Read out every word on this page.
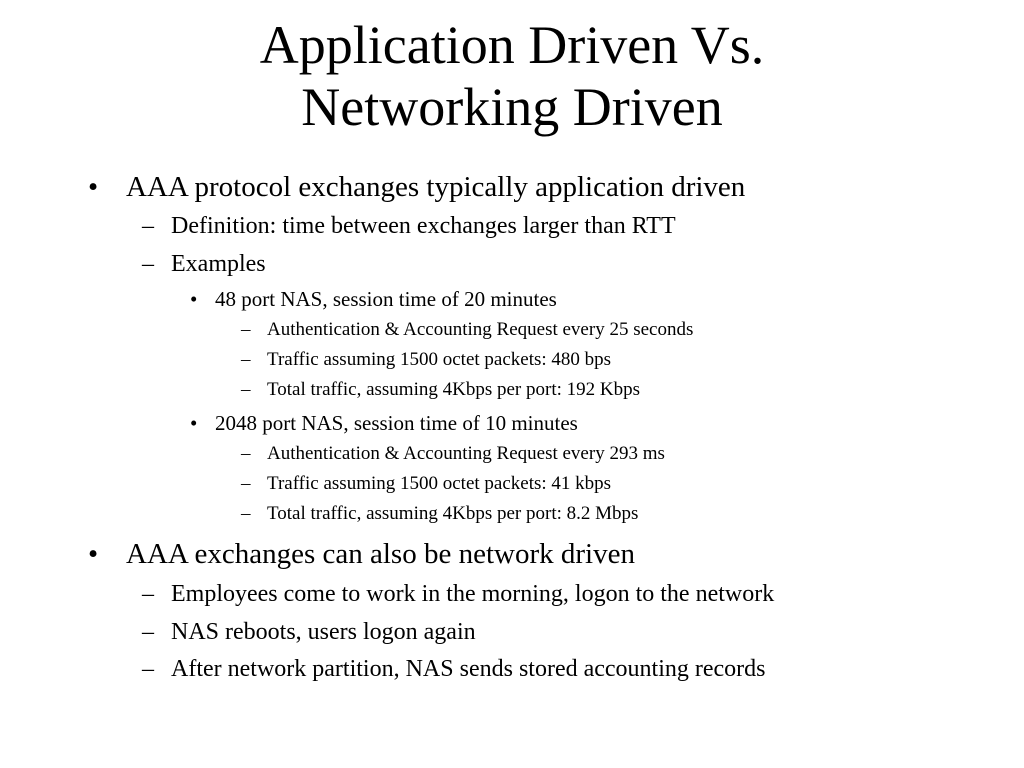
Application Driven Vs.
Networking Driven
• AAA protocol exchanges typically application driven
– Definition: time between exchanges larger than RTT
– Examples
• 48 port NAS, session time of 20 minutes
– Authentication & Accounting Request every 25 seconds
– Traffic assuming 1500 octet packets: 480 bps
– Total traffic, assuming 4Kbps per port: 192 Kbps
• 2048 port NAS, session time of 10 minutes
– Authentication & Accounting Request every 293 ms
– Traffic assuming 1500 octet packets: 41 kbps
– Total traffic, assuming 4Kbps per port: 8.2 Mbps
• AAA exchanges can also be network driven
– Employees come to work in the morning, logon to the network
– NAS reboots, users logon again
– After network partition, NAS sends stored accounting records
